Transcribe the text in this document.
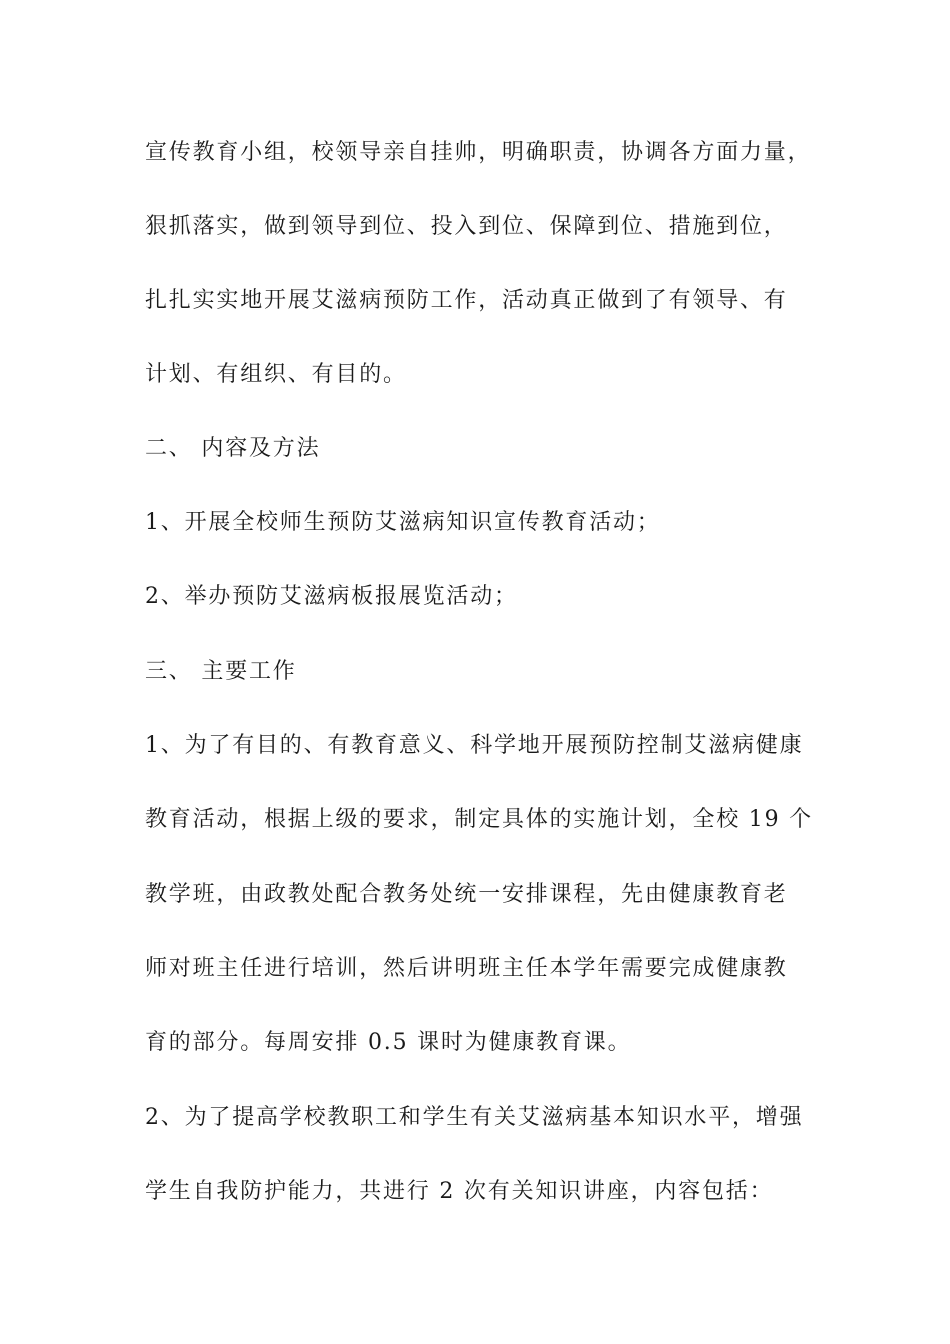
宣传教育小组，校领导亲自挂帅，明确职责，协调各方面力量，
狠抓落实，做到领导到位、投入到位、保障到位、措施到位，
扎扎实实地开展艾滋病预防工作，活动真正做到了有领导、有
计划、有组织、有目的。
二、 内容及方法
1、开展全校师生预防艾滋病知识宣传教育活动；
2、举办预防艾滋病板报展览活动；
三、 主要工作
1、为了有目的、有教育意义、科学地开展预防控制艾滋病健康
教育活动，根据上级的要求，制定具体的实施计划，全校 19 个
教学班，由政教处配合教务处统一安排课程，先由健康教育老
师对班主任进行培训，然后讲明班主任本学年需要完成健康教
育的部分。每周安排 0.5 课时为健康教育课。
2、为了提高学校教职工和学生有关艾滋病基本知识水平，增强
学生自我防护能力，共进行 2 次有关知识讲座，内容包括：
